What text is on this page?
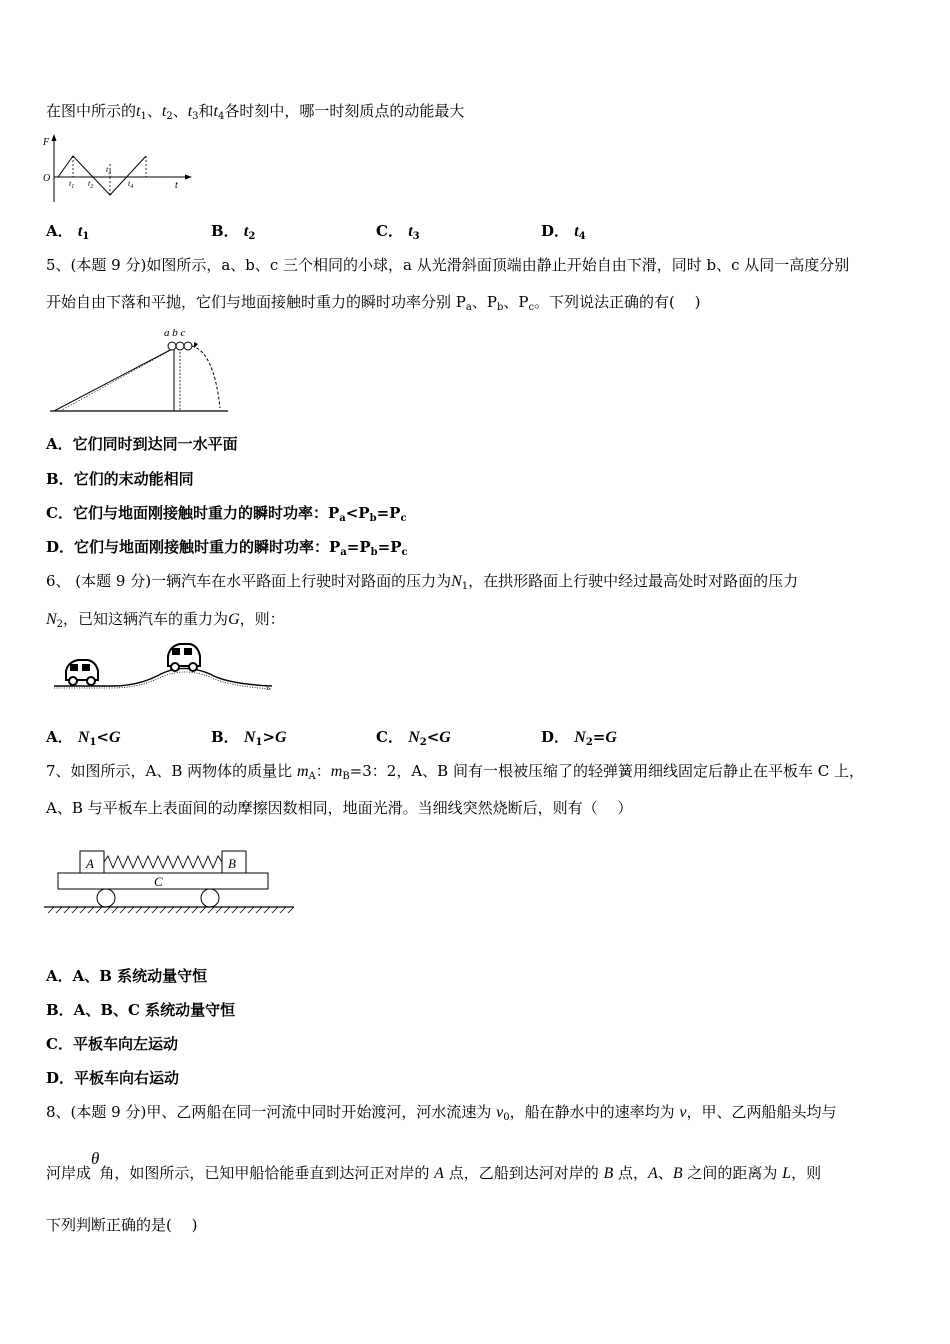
在图中所示的$t_1$、$t_2$、$t_3$和$t_4$各时刻中，哪一时刻质点的动能最大
F
O
t
$t_1$ $t_2$
$t_3$
$t_4$
A． $t_1$	B． $t_2$	C． $t_3$	D． $t_4$
5、(本题 9 分)如图所示，a、b、c 三个相同的小球，a 从光滑斜面顶端由静止开始自由下滑，同时 b、c 从同一高度分别
开始自由下落和平抛，它们与地面接触时重力的瞬时功率分别 $P_a$、$P_b$、$P_c$。下列说法正确的有(　 )
a b c
A．它们同时到达同一水平面
B．它们的末动能相同
C．它们与地面刚接触时重力的瞬时功率：$P_a<P_b=P_c$
D．它们与地面刚接触时重力的瞬时功率：$P_a=P_b=P_c$
6、 (本题 9 分)一辆汽车在水平路面上行驶时对路面的压力为$N_1$，在拱形路面上行驶中经过最高处时对路面的压力
$N_2$，已知这辆汽车的重力为G，则：
s
A． $N_1<G$	B． $N_1>G$	C． $N_2<G$	D． $N_2=G$
7、如图所示，A、B 两物体的质量比 $m_A$：$m_B=3$：2，A、B 间有一根被压缩了的轻弹簧用细线固定后静止在平板车 C 上，
A、B 与平板车上表面间的动摩擦因数相同，地面光滑。当细线突然烧断后，则有（　 ）
C
A	B
A．A、B 系统动量守恒
B．A、B、C 系统动量守恒
C．平板车向左运动
D．平板车向右运动
8、(本题 9 分)甲、乙两船在同一河流中同时开始渡河，河水流速为 $v_0$，船在静水中的速率均为 v，甲、乙两船船头均与
河岸成θ角，如图所示，已知甲船恰能垂直到达河正对岸的 A 点，乙船到达河对岸的 B 点，A、B 之间的距离为 L，则
下列判断正确的是(　 )
